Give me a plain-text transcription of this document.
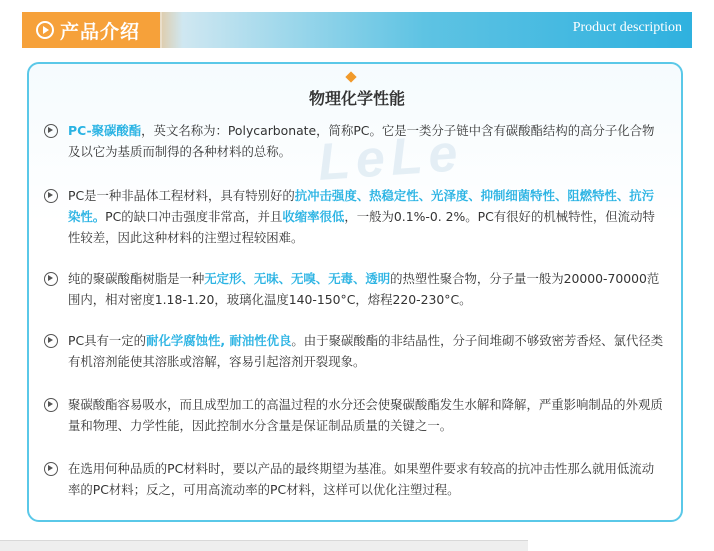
产品介绍	Product description
LeLe
物理化学性能
PC-聚碳酸酯，英文名称为：Polycarbonate，简称PC。它是一类分子链中含有碳酸酯结构的高分子化合物及以它为基质而制得的各种材料的总称。
PC是一种非晶体工程材料，具有特别好的抗冲击强度、热稳定性、光泽度、抑制细菌特性、阻燃特性、抗污染性。PC的缺口冲击强度非常高，并且收缩率很低，一般为0.1%-0. 2%。PC有很好的机械特性，但流动特性较差，因此这种材料的注塑过程较困难。
纯的聚碳酸酯树脂是一种无定形、无味、无嗅、无毒、透明的热塑性聚合物，分子量一般为20000-70000范围内，相对密度1.18-1.20，玻璃化温度140-150°C，熔程220-230°C。
PC具有一定的耐化学腐蚀性, 耐油性优良。由于聚碳酸酯的非结晶性，分子间堆砌不够致密芳香烃、氯代径类有机溶剂能使其溶胀或溶解，容易引起溶剂开裂现象。
聚碳酸酯容易吸水，而且成型加工的高温过程的水分还会使聚碳酸酯发生水解和降解，严重影响制品的外观质量和物理、力学性能，因此控制水分含量是保证制品质量的关键之一。
在选用何种品质的PC材料时，要以产品的最终期望为基准。如果塑件要求有较高的抗冲击性那么就用低流动率的PC材料；反之，可用高流动率的PC材料，这样可以优化注塑过程。
